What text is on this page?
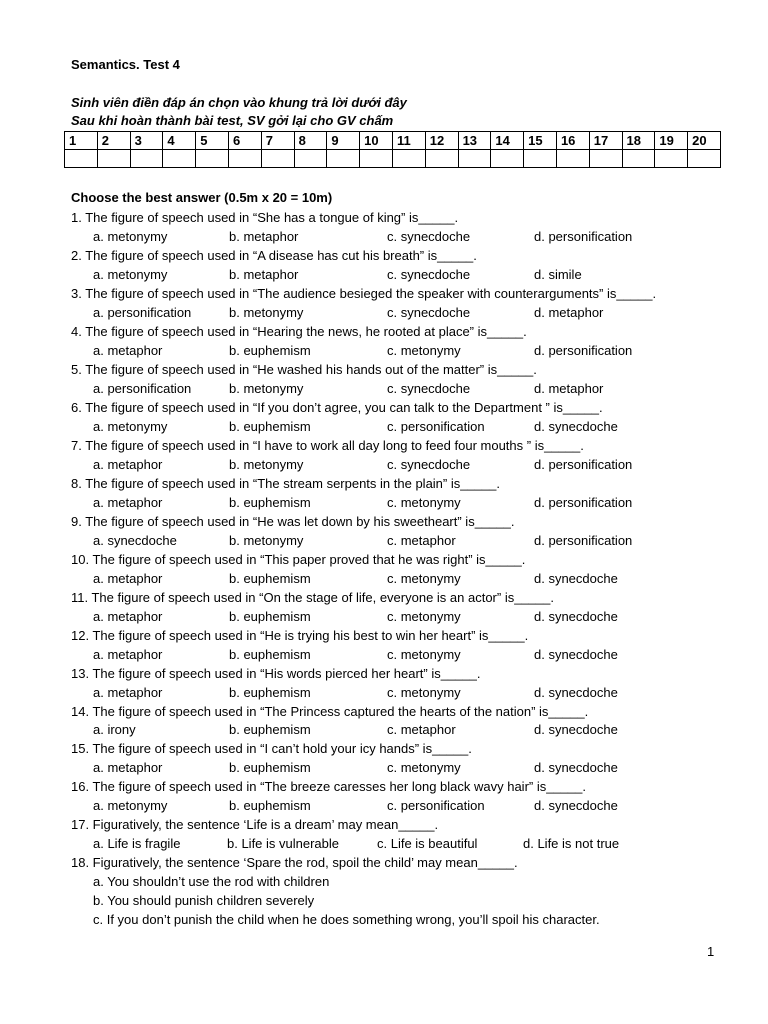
Semantics. Test 4
Sinh viên điền đáp án chọn vào khung trả lời dưới đây
Sau khi hoàn thành bài test, SV gởi lại cho GV chấm
1	2	3	4	5	6	7	8	9	10	11	12	13	14	15	16	17	18	19	20

Choose the best answer (0.5m x 20 = 10m)
1. The figure of speech used in “She has a tongue of king” is_____.
a. metonymy	b. metaphor	c. synecdoche	d. personification
2. The figure of speech used in “A disease has cut his breath” is_____.
a. metonymy	b. metaphor	c. synecdoche	d. simile
3. The figure of speech used in “The audience besieged the speaker with counterarguments” is_____.
a. personification	b. metonymy	c. synecdoche	d. metaphor
4. The figure of speech used in “Hearing the news, he rooted at place” is_____.
a. metaphor	b. euphemism	c. metonymy	d. personification
5. The figure of speech used in “He washed his hands out of the matter” is_____.
a. personification	b. metonymy	c. synecdoche	d. metaphor
6. The figure of speech used in “If you don’t agree, you can talk to the Department ” is_____.
a. metonymy	b. euphemism	c. personification	d. synecdoche
7. The figure of speech used in “I have to work all day long to feed four mouths ” is_____.
a. metaphor	b. metonymy	c. synecdoche	d. personification
8. The figure of speech used in “The stream serpents in the plain” is_____.
a. metaphor	b. euphemism	c. metonymy	d. personification
9. The figure of speech used in “He was let down by his sweetheart” is_____.
a. synecdoche	b. metonymy	c. metaphor	d. personification
10. The figure of speech used in “This paper proved that he was right” is_____.
a. metaphor	b. euphemism	c. metonymy	d. synecdoche
11. The figure of speech used in “On the stage of life, everyone is an actor” is_____.
a. metaphor	b. euphemism	c. metonymy	d. synecdoche
12. The figure of speech used in “He is trying his best to win her heart” is_____.
a. metaphor	b. euphemism	c. metonymy	d. synecdoche
13. The figure of speech used in “His words pierced her heart” is_____.
a. metaphor	b. euphemism	c. metonymy	d. synecdoche
14. The figure of speech used in “The Princess captured the hearts of the nation” is_____.
a. irony	b. euphemism	c. metaphor	d. synecdoche
15. The figure of speech used in “I can’t hold your icy hands” is_____.
a. metaphor	b. euphemism	c. metonymy	d. synecdoche
16. The figure of speech used in “The breeze caresses her long black wavy hair” is_____.
a. metonymy	b. euphemism	c. personification	d. synecdoche
17. Figuratively, the sentence ‘Life is a dream’ may mean_____.
a. Life is fragile	b. Life is vulnerable	c. Life is beautiful	d. Life is not true
18. Figuratively, the sentence ‘Spare the rod, spoil the child’ may mean_____.
a. You shouldn’t use the rod with children
b. You should punish children severely
c. If you don’t punish the child when he does something wrong, you’ll spoil his character.
1
